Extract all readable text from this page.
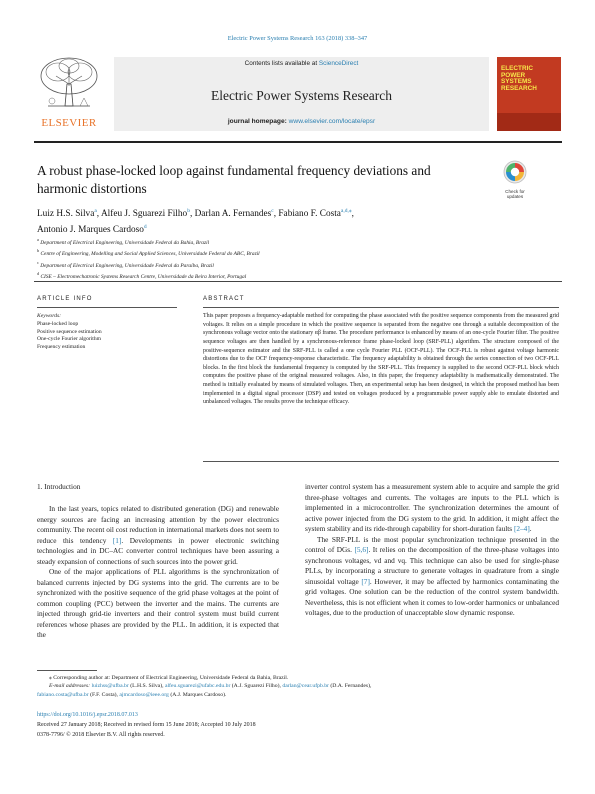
Electric Power Systems Research 163 (2018) 338–347
ELSEVIER
Contents lists available at ScienceDirect
Electric Power Systems Research
journal homepage: www.elsevier.com/locate/epsr
ELECTRIC POWER SYSTEMS RESEARCH
A robust phase-locked loop against fundamental frequency deviations and harmonic distortions	Check for
updates
Luiz H.S. Silva$^a$, Alfeu J. Sguarezi Filho$^b$, Darlan A. Fernandes$^c$, Fabiano F. Costa$^{a,d,⁎}$,
Antonio J. Marques Cardoso$^d$
$^a$ Department of Electrical Engineering, Universidade Federal da Bahia, Brazil
$^b$ Centre of Engineering, Modelling and Social Applied Sciences, Universidade Federal do ABC, Brazil
$^c$ Department of Electrical Engineering, Universidade Federal da Paraíba, Brazil
$^d$ CISE – Electromechatronic Systems Research Centre, Universidade da Beira Interior, Portugal
ARTICLE INFO
Keywords:
Phase-locked loop
Positive sequence estimation
One-cycle Fourier algorithm
Frequency estimation
ABSTRACT
This paper proposes a frequency-adaptable method for computing the phase associated with the positive sequence components from the measured grid voltages. It relies on a simple procedure in which the positive sequence is separated from the negative one through a suitable decomposition of the synchronous voltage vector onto the stationary αβ frame. The procedure performance is enhanced by means of an one-cycle Fourier filter. The positive sequence voltages are then handled by a synchronous-reference frame phase-locked loop (SRF-PLL) algorithm. The structure composed of the positive-sequence estimator and the SRF-PLL is called a one cycle Fourier PLL (OCF-PLL). The OCF-PLL is robust against voltage harmonic distortions due to the OCF frequency-response characteristic. The frequency adaptability is obtained through the series connection of two OCF-PLL blocks. In the first block the fundamental frequency is computed by the SRF-PLL. This frequency is supplied to the second OCF-PLL block which computes the positive phase of the original measured voltages. Also, in this paper, the frequency adaptability is mathematically demonstrated. The method is initially evaluated by means of simulated voltages. Then, an experimental setup has been designed, in which the proposed method has been implemented in a digital signal processor (DSP) and tested on voltages produced by a programmable power supply able to emulate distorted and unbalanced voltages. The results prove the technique efficacy.
1. Introduction

In the last years, topics related to distributed generation (DG) and renewable energy sources are facing an increasing attention by the power electronics community. The recent oil cost reduction in international markets does not seem to reduce this tendency [1]. Developments in power electronic switching technologies and in DC–AC converter control techniques have been assuring a steady expansion of connections of such sources into the power grid.

One of the major applications of PLL algorithms is the synchronization of balanced currents injected by DG systems into the grid. The currents are to be synchronized with the positive sequence of the grid phase voltages at the point of common coupling (PCC) between the inverter and the mains. The currents are injected through grid-tie inverters and their control system must build current references whose phases are provided by the PLL. In addition, it is expected that the

inverter control system has a measurement system able to acquire and sample the grid three-phase voltages and currents. The voltages are inputs to the PLL which is implemented in a microcontroller. The synchronization determines the amount of active power injected from the DG system to the grid. In addition, it might affect the system stability and its ride-through capability for short-duration faults [2–4].

The SRF-PLL is the most popular synchronization technique presented in the control of DGs. [5,6]. It relies on the decomposition of the three-phase voltages into synchronous voltages, vd and vq. This technique can also be used for single-phase PLLs, by incorporating a structure to generate voltages in quadrature from a single sinusoidal voltage [7]. However, it may be affected by harmonics contaminating the grid voltages. One solution can be the reduction of the control system bandwidth. Nevertheless, this is not efficient when it comes to low-order harmonics or unbalanced voltages, due to the production of unacceptable slow dynamic response.

⁎ Corresponding author at: Department of Electrical Engineering, Universidade Federal da Bahia, Brazil.
E-mail addresses: luizhss@ufba.br (L.H.S. Silva), alfeu.sguarezi@ufabc.edu.br (A.J. Sguarezi Filho), darlan@cear.ufpb.br (D.A. Fernandes),
fabiano.costa@ufba.br (F.F. Costa), ajmcardoso@ieee.org (A.J. Marques Cardoso).
https://doi.org/10.1016/j.epsr.2018.07.013
Received 27 January 2018; Received in revised form 15 June 2018; Accepted 10 July 2018
0378-7796/ © 2018 Elsevier B.V. All rights reserved.
